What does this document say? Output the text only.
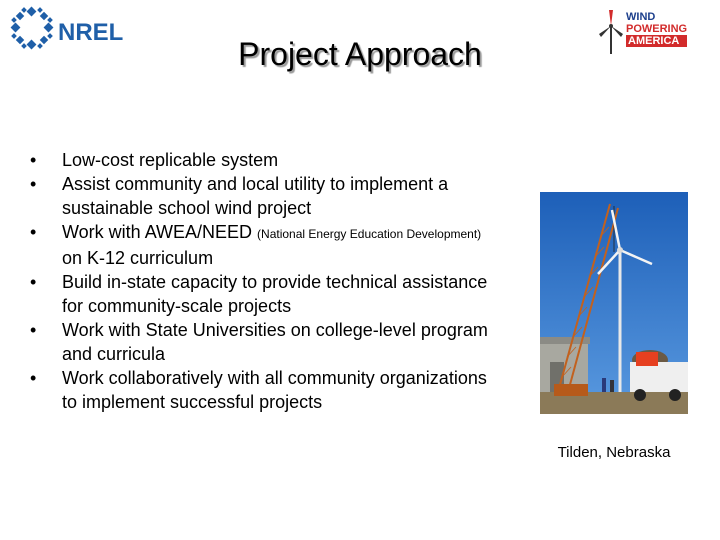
NREL
WIND
POWERING
AMERICA
Project Approach
• Low-cost replicable system
• Assist community and local utility to implement a sustainable school wind project
• Work with AWEA/NEED (National Energy Education Development) on K-12 curriculum
• Build in-state capacity to provide technical assistance for community-scale projects
• Work with State Universities on college-level program and curricula
• Work collaboratively with all community organizations to implement successful projects
Tilden, Nebraska
